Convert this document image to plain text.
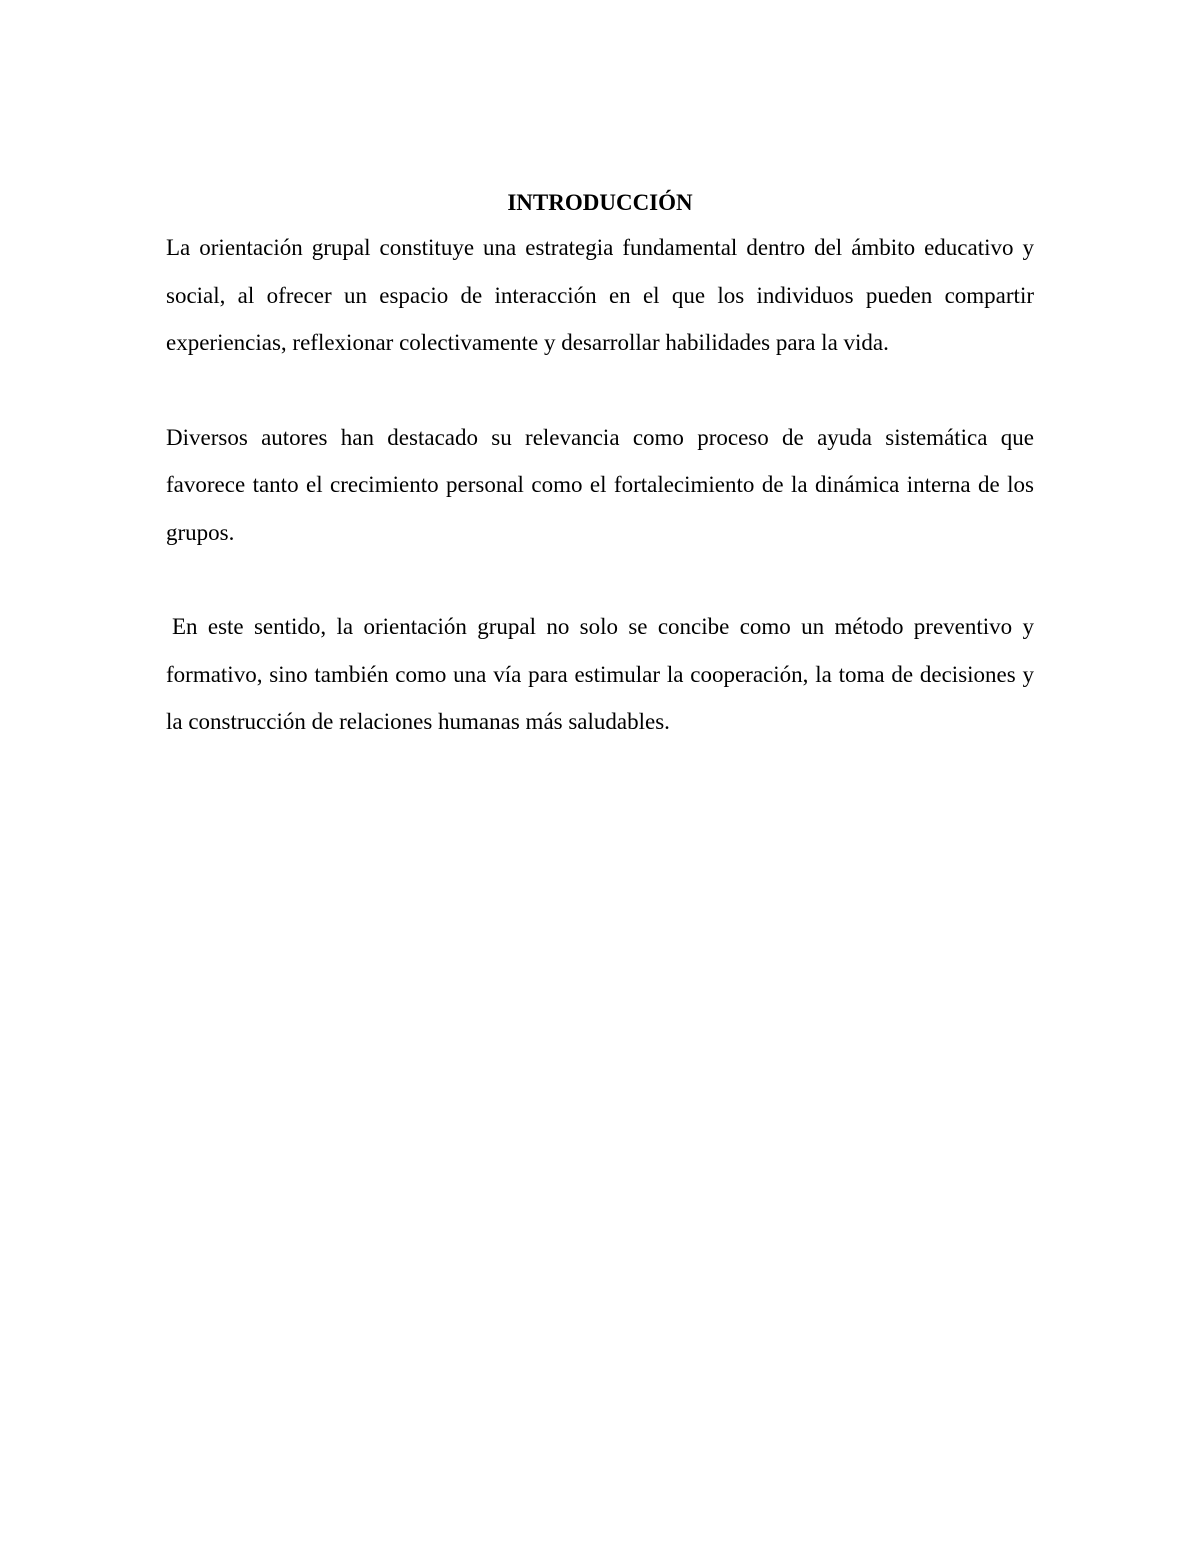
INTRODUCCIÓN

La orientación grupal constituye una estrategia fundamental dentro del ámbito educativo y social, al ofrecer un espacio de interacción en el que los individuos pueden compartir experiencias, reflexionar colectivamente y desarrollar habilidades para la vida.

Diversos autores han destacado su relevancia como proceso de ayuda sistemática que favorece tanto el crecimiento personal como el fortalecimiento de la dinámica interna de los grupos.

En este sentido, la orientación grupal no solo se concibe como un método preventivo y formativo, sino también como una vía para estimular la cooperación, la toma de decisiones y la construcción de relaciones humanas más saludables.
